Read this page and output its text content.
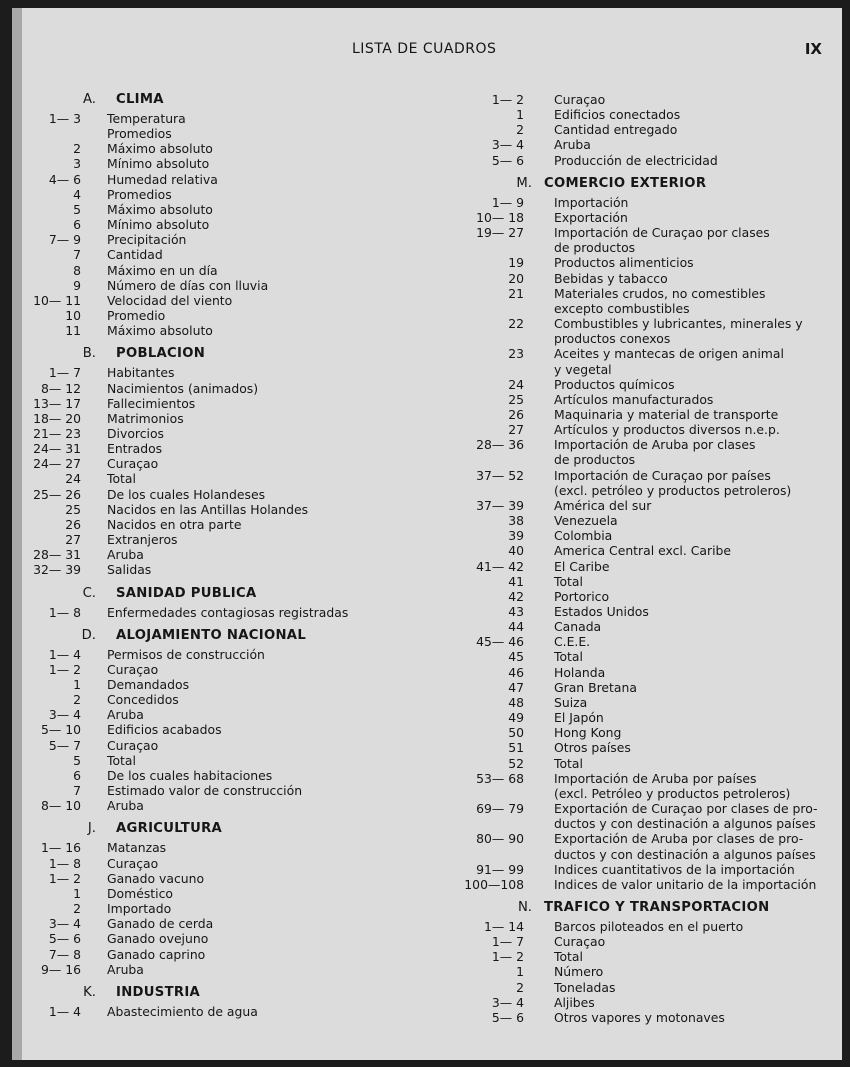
LISTA DE CUADROS	IX
A.	CLIMA
1— 3 Temperatura
Promedios
2 Máximo absoluto
3 Mínimo absoluto
4— 6 Humedad relativa
4 Promedios
5 Máximo absoluto
6 Mínimo absoluto
7— 9 Precipitación
7 Cantidad
8 Máximo en un día
9 Número de días con lluvia
10— 11 Velocidad del viento
10 Promedio
11 Máximo absoluto
B.	POBLACION
1— 7 Habitantes
8— 12 Nacimientos (animados)
13— 17 Fallecimientos
18— 20 Matrimonios
21— 23 Divorcios
24— 31 Entrados
24— 27 Curaçao
24 Total
25— 26 De los cuales Holandeses
25 Nacidos en las Antillas Holandes
26 Nacidos en otra parte
27 Extranjeros
28— 31 Aruba
32— 39 Salidas
C.	SANIDAD PUBLICA
1— 8 Enfermedades contagiosas registradas
D.	ALOJAMIENTO NACIONAL
1— 4 Permisos de construcción
1— 2 Curaçao
1 Demandados
2 Concedidos
3— 4 Aruba
5— 10 Edificios acabados
5— 7 Curaçao
5 Total
6 De los cuales habitaciones
7 Estimado valor de construcción
8— 10 Aruba
J.	AGRICULTURA
1— 16 Matanzas
1— 8 Curaçao
1— 2 Ganado vacuno
1 Doméstico
2 Importado
3— 4 Ganado de cerda
5— 6 Ganado ovejuno
7— 8 Ganado caprino
9— 16 Aruba
K.	INDUSTRIA
1— 4 Abastecimiento de agua
1— 2 Curaçao
1 Edificios conectados
2 Cantidad entregado
3— 4 Aruba
5— 6 Producción de electricidad
M. COMERCIO EXTERIOR
1— 9 Importación
10— 18 Exportación
19— 27 Importación de Curaçao por clases
de productos
19 Productos alimenticios
20 Bebidas y tabacco
21 Materiales crudos, no comestibles
excepto combustibles
22 Combustibles y lubricantes, minerales y
productos conexos
23 Aceites y mantecas de origen animal
y vegetal
24 Productos químicos
25 Artículos manufacturados
26 Maquinaria y material de transporte
27 Artículos y productos diversos n.e.p.
28— 36 Importación de Aruba por clases
de productos
37— 52 Importación de Curaçao por países
(excl. petróleo y productos petroleros)
37— 39 América del sur
38 Venezuela
39 Colombia
40 America Central excl. Caribe
41— 42 El Caribe
41 Total
42 Portorico
43 Estados Unidos
44 Canada
45— 46 C.E.E.
45 Total
46 Holanda
47 Gran Bretana
48 Suiza
49 El Japón
50 Hong Kong
51 Otros países
52 Total
53— 68 Importación de Aruba por países
(excl. Petróleo y productos petroleros)
69— 79 Exportación de Curaçao por clases de pro-
ductos y con destinación a algunos países
80— 90 Exportación de Aruba por clases de pro-
ductos y con destinación a algunos países
91— 99 Indices cuantitativos de la importación
100—108 Indices de valor unitario de la importación
N. TRAFICO Y TRANSPORTACION
1— 14 Barcos piloteados en el puerto
1— 7 Curaçao
1— 2 Total
1 Número
2 Toneladas
3— 4 Aljibes
5— 6 Otros vapores y motonaves
